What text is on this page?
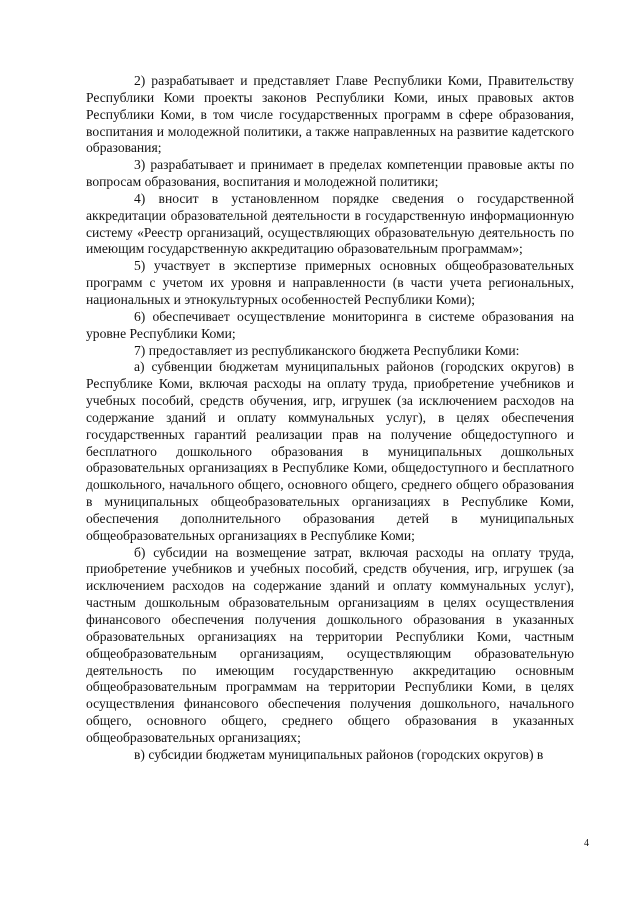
2) разрабатывает и представляет Главе Республики Коми, Правительству Республики Коми проекты законов Республики Коми, иных правовых актов Республики Коми, в том числе государственных программ в сфере образования, воспитания и молодежной политики, а также направленных на развитие кадетского образования;

3) разрабатывает и принимает в пределах компетенции правовые акты по вопросам образования, воспитания и молодежной политики;

4) вносит в установленном порядке сведения о государственной аккредитации образовательной деятельности в государственную информационную систему «Реестр организаций, осуществляющих образовательную деятельность по имеющим государственную аккредитацию образовательным программам»;

5) участвует в экспертизе примерных основных общеобразовательных программ с учетом их уровня и направленности (в части учета региональных, национальных и этнокультурных особенностей Республики Коми);

6) обеспечивает осуществление мониторинга в системе образования на уровне Республики Коми;

7) предоставляет из республиканского бюджета Республики Коми:

а) субвенции бюджетам муниципальных районов (городских округов) в Республике Коми, включая расходы на оплату труда, приобретение учебников и учебных пособий, средств обучения, игр, игрушек (за исключением расходов на содержание зданий и оплату коммунальных услуг), в целях обеспечения государственных гарантий реализации прав на получение общедоступного и бесплатного дошкольного образования в муниципальных дошкольных образовательных организациях в Республике Коми, общедоступного и бесплатного дошкольного, начального общего, основного общего, среднего общего образования в муниципальных общеобразовательных организациях в Республике Коми, обеспечения дополнительного образования детей в муниципальных общеобразовательных организациях в Республике Коми;

б) субсидии на возмещение затрат, включая расходы на оплату труда, приобретение учебников и учебных пособий, средств обучения, игр, игрушек (за исключением расходов на содержание зданий и оплату коммунальных услуг), частным дошкольным образовательным организациям в целях осуществления финансового обеспечения получения дошкольного образования в указанных образовательных организациях на территории Республики Коми, частным общеобразовательным организациям, осуществляющим образовательную деятельность по имеющим государственную аккредитацию основным общеобразовательным программам на территории Республики Коми, в целях осуществления финансового обеспечения получения дошкольного, начального общего, основного общего, среднего общего образования в указанных общеобразовательных организациях;

в) субсидии бюджетам муниципальных районов (городских округов) в

4
